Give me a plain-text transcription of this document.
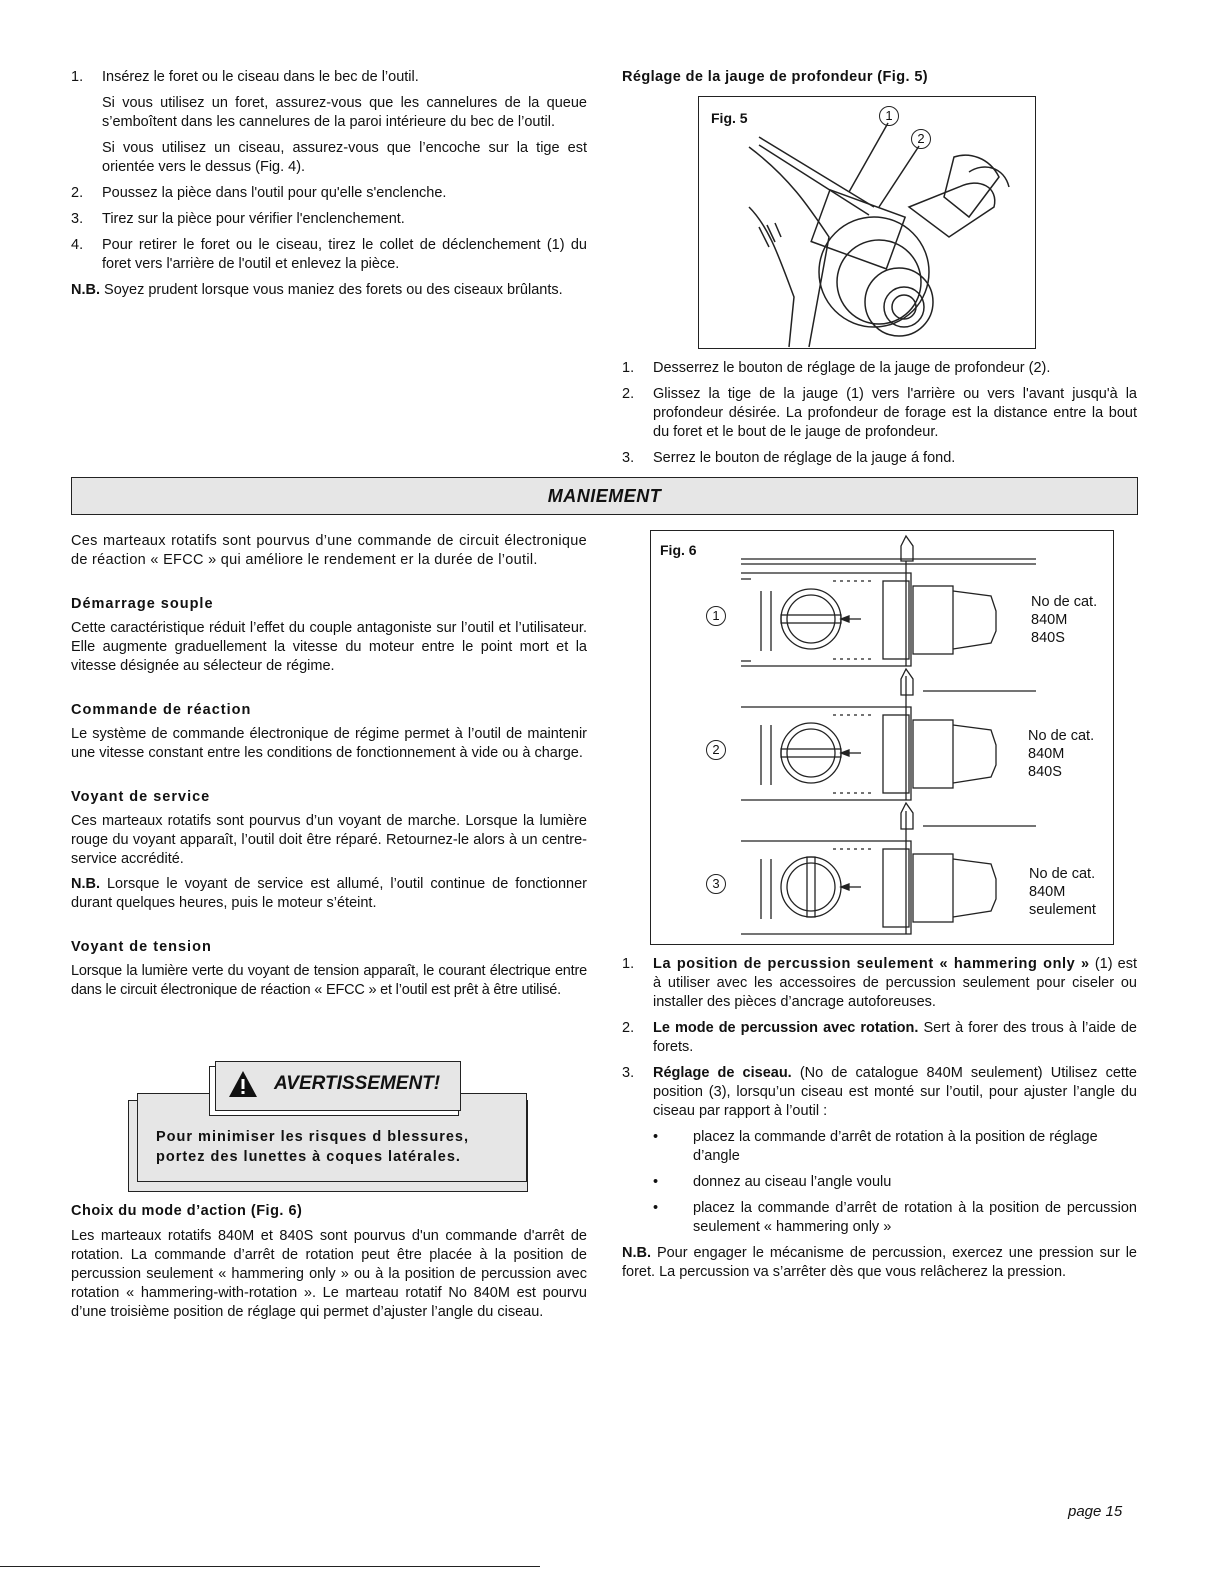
1. Insérez le foret ou le ciseau dans le bec de l’outil.

Si vous utilisez un foret, assurez-vous que les cannelures de la queue s’emboîtent dans les cannelures de la paroi intérieure du bec de l’outil.

Si vous utilisez un ciseau, assurez-vous que l’encoche sur la tige est orientée vers le dessus (Fig. 4).

2. Poussez la pièce dans l'outil pour qu'elle s'enclenche.

3. Tirez sur la pièce pour vérifier l'enclenchement.

4. Pour retirer le foret ou le ciseau, tirez le collet de déclenchement (1) du foret vers l'arrière de l'outil et enlevez la pièce.

N.B. Soyez prudent lorsque vous maniez des forets ou des ciseaux brûlants.

Réglage de la jauge de profondeur (Fig. 5)

Fig. 5	1
2
1. Desserrez le bouton de réglage de la jauge de profondeur (2).

2. Glissez la tige de la jauge (1) vers l'arrière ou vers l'avant jusqu'à la profondeur désirée. La profondeur de forage est la distance entre la bout du foret et le bout de le jauge de profondeur.

3. Serrez le bouton de réglage de la jauge á fond.

MANIEMENT

Ces marteaux rotatifs sont pourvus d’une commande de circuit électronique de réaction « EFCC » qui améliore le rendement er la durée de l’outil.

Démarrage souple

Cette caractéristique réduit l’effet du couple antagoniste sur l’outil et l’utilisateur. Elle augmente graduellement la vitesse du moteur entre le point mort et la vitesse désignée au sélecteur de régime.

Commande de réaction

Le système de commande électronique de régime permet à l’outil de maintenir une vitesse constant entre les conditions de fonctionnement à vide ou à charge.

Voyant de service

Ces marteaux rotatifs sont pourvus d’un voyant de marche. Lorsque la lumière rouge du voyant apparaît, l’outil doit être réparé. Retournez-le alors à un centre-service accrédité.

N.B. Lorsque le voyant de service est allumé, l’outil continue de fonctionner durant quelques heures, puis le moteur s’éteint.

Voyant de tension

Lorsque la lumière verte du voyant de tension apparaît, le courant électrique entre dans le circuit électronique de réaction « EFCC » et l’outil est prêt à être utilisé.

Pour minimiser les risques d blessures, portez des lunettes à coques latérales.

AVERTISSEMENT!

Choix du mode d’action (Fig. 6)

Les marteaux rotatifs 840M et 840S sont pourvus d'un commande d'arrêt de rotation. La commande d’arrêt de rotation peut être placée à la position de percussion seulement « hammering only » ou à la position de percussion avec rotation « hammering-with-rotation ». Le marteau rotatif No 840M est pourvu d’une troisième position de réglage qui permet d’ajuster l’angle du ciseau.

Fig. 6
1
No de cat.
840M
840S
2
No de cat.
840M
840S
3
No de cat.
840M
seulement
1. La position de percussion seulement « hammering only » (1) est à utiliser avec les accessoires de percussion seulement pour ciseler ou installer des pièces d’ancrage autoforeuses.

2. Le mode de percussion avec rotation. Sert à forer des trous à l’aide de forets.

3. Réglage de ciseau. (No de catalogue 840M seulement) Utilisez cette position (3), lorsqu’un ciseau est monté sur l’outil, pour ajuster l’angle du ciseau par rapport à l’outil :

• placez la commande d’arrêt de rotation à la position de réglage d’angle

• donnez au ciseau l’angle voulu

• placez la commande d’arrêt de rotation à la position de percussion seulement « hammering only »

N.B. Pour engager le mécanisme de percussion, exercez une pression sur le foret. La percussion va s’arrêter dès que vous relâcherez la pression.

page 15
